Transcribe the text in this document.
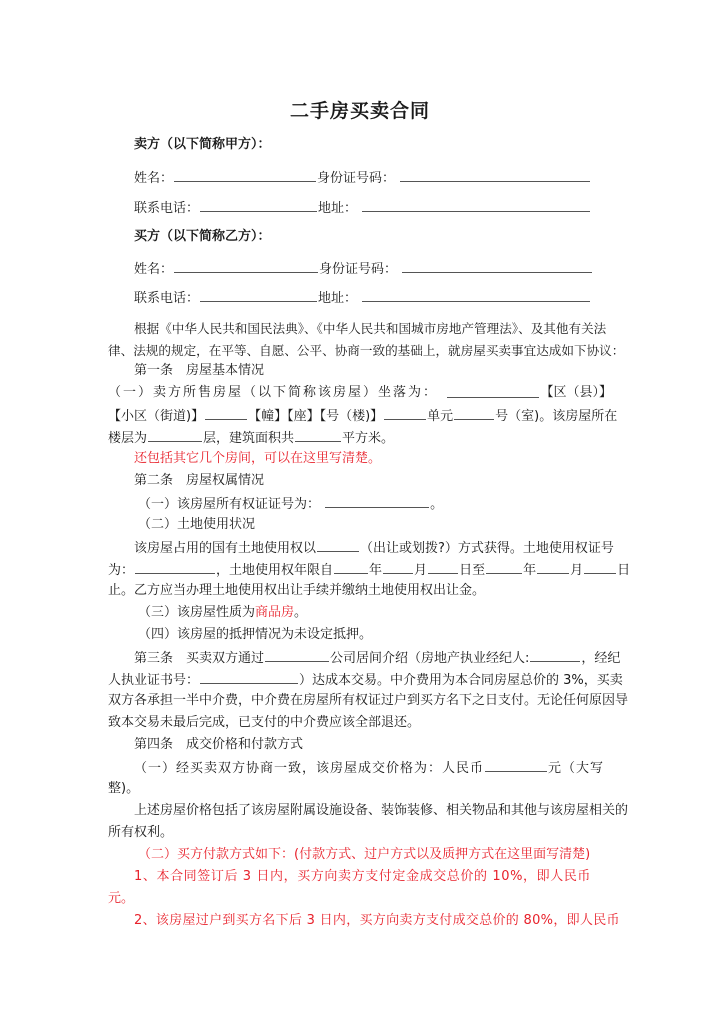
二手房买卖合同
卖方（以下简称甲方）：
姓名：	身份证号码：
联系电话：	地址：
买方（以下简称乙方）：
姓名：	身份证号码：
联系电话：	地址：
根据《中华人民共和国民法典》、《中华人民共和国城市房地产管理法》、及其他有关法
律、法规的规定，在平等、自愿、公平、协商一致的基础上，就房屋买卖事宜达成如下协议：
第一条　房屋基本情况
（一）卖方所售房屋（以下简称该房屋）坐落为：	【区（县）】
【小区（街道)】	【幢】【座】【号（楼)】	单元	号（室)。该房屋所在
楼层为	层，建筑面积共	平方米。
还包括其它几个房间，可以在这里写清楚。
第二条　房屋权属情况
（一）该房屋所有权证证号为：	。
（二）土地使用状况
该房屋占用的国有土地使用权以	（出让或划拨?）方式获得。土地使用权证号
为：	，土地使用权年限自	年 月 日至	年	月	日
止。乙方应当办理土地使用权出让手续并缴纳土地使用权出让金。
（三）该房屋性质为商品房。
（四）该房屋的抵押情况为未设定抵押。
第三条　买卖双方通过	公司居间介绍（房地产执业经纪人:	，经纪
人执业证书号：	）达成本交易。中介费用为本合同房屋总价的 3%，买卖
双方各承担一半中介费，中介费在房屋所有权证过户到买方名下之日支付。无论任何原因导
致本交易未最后完成，已支付的中介费应该全部退还。
第四条　成交价格和付款方式
（一）经买卖双方协商一致，该房屋成交价格为：人民币	元（大写
整)。
上述房屋价格包括了该房屋附属设施设备、装饰装修、相关物品和其他与该房屋相关的
所有权利。
（二）买方付款方式如下：(付款方式、过户方式以及质押方式在这里面写清楚)
1、本合同签订后 3 日内，买方向卖方支付定金成交总价的 10%，即人民币
元。
2、该房屋过户到买方名下后 3 日内，买方向卖方支付成交总价的 80%，即人民币
